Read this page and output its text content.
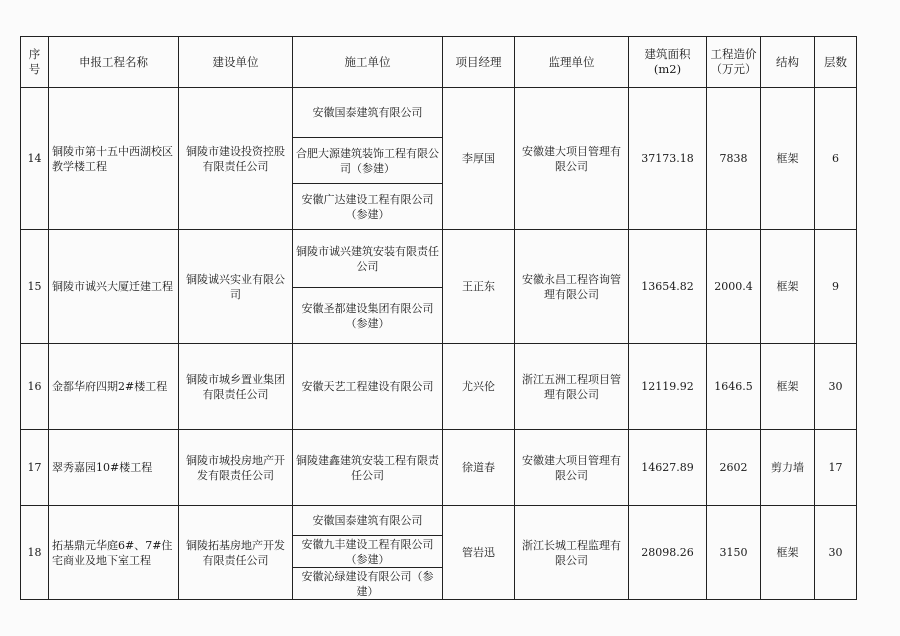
序号	申报工程名称	建设单位	施工单位	项目经理	监理单位	建筑面积(m2)	工程造价（万元）	结构	层数
14	铜陵市第十五中西湖校区教学楼工程	铜陵市建设投资控股有限责任公司	安徽国泰建筑有限公司	李厚国	安徽建大项目管理有限公司	37173.18	7838	框架	6
			合肥大源建筑装饰工程有限公司（参建）						
			安徽广达建设工程有限公司（参建）						
15	铜陵市诚兴大厦迁建工程	铜陵诚兴实业有限公司	铜陵市诚兴建筑安装有限责任公司	王正东	安徽永昌工程咨询管理有限公司	13654.82	2000.4	框架	9
			安徽圣都建设集团有限公司（参建）						
16	金都华府四期2#楼工程	铜陵市城乡置业集团有限责任公司	安徽天艺工程建设有限公司	尤兴伦	浙江五洲工程项目管理有限公司	12119.92	1646.5	框架	30
17	翠秀嘉园10#楼工程	铜陵市城投房地产开发有限责任公司	铜陵建鑫建筑安装工程有限责任公司	徐道春	安徽建大项目管理有限公司	14627.89	2602	剪力墙	17
18	拓基鼎元华庭6#、7#住宅商业及地下室工程	铜陵拓基房地产开发有限责任公司	安徽国泰建筑有限公司	管岩迅	浙江长城工程监理有限公司	28098.26	3150	框架	30
			安徽九丰建设工程有限公司（参建）						
			安徽沁绿建设有限公司（参建）						
